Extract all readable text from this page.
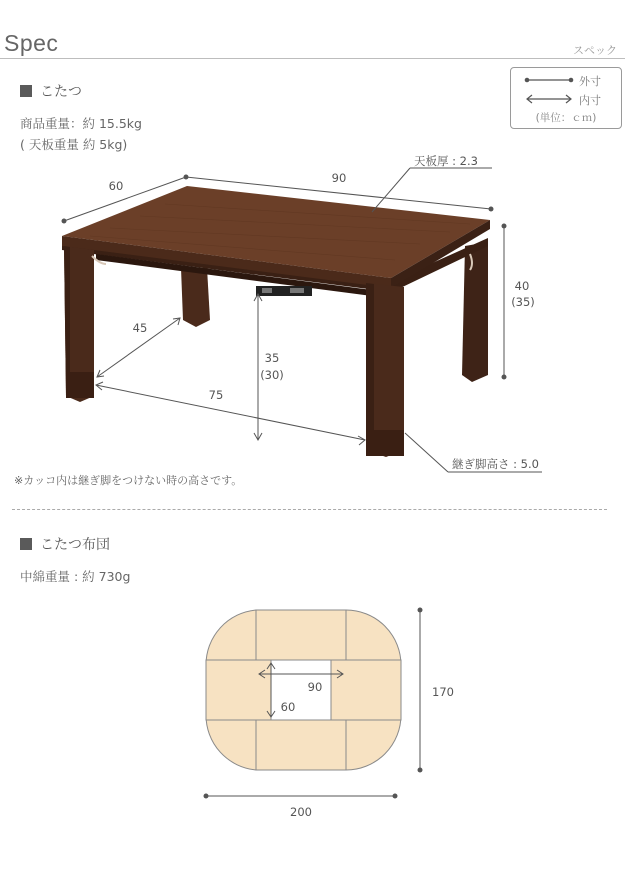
Spec	スペック
外寸
内寸
(単位：ｃｍ)
こたつ
商品重量：約 15.5kg
( 天板重量 約 5kg)
60
90
天板厚 : 2.3
40
(35)
45
35
(30)
75
継ぎ脚高さ : 5.0
※カッコ内は継ぎ脚をつけない時の高さです。
こたつ布団
中綿重量 : 約 730g
90
60
170
200
